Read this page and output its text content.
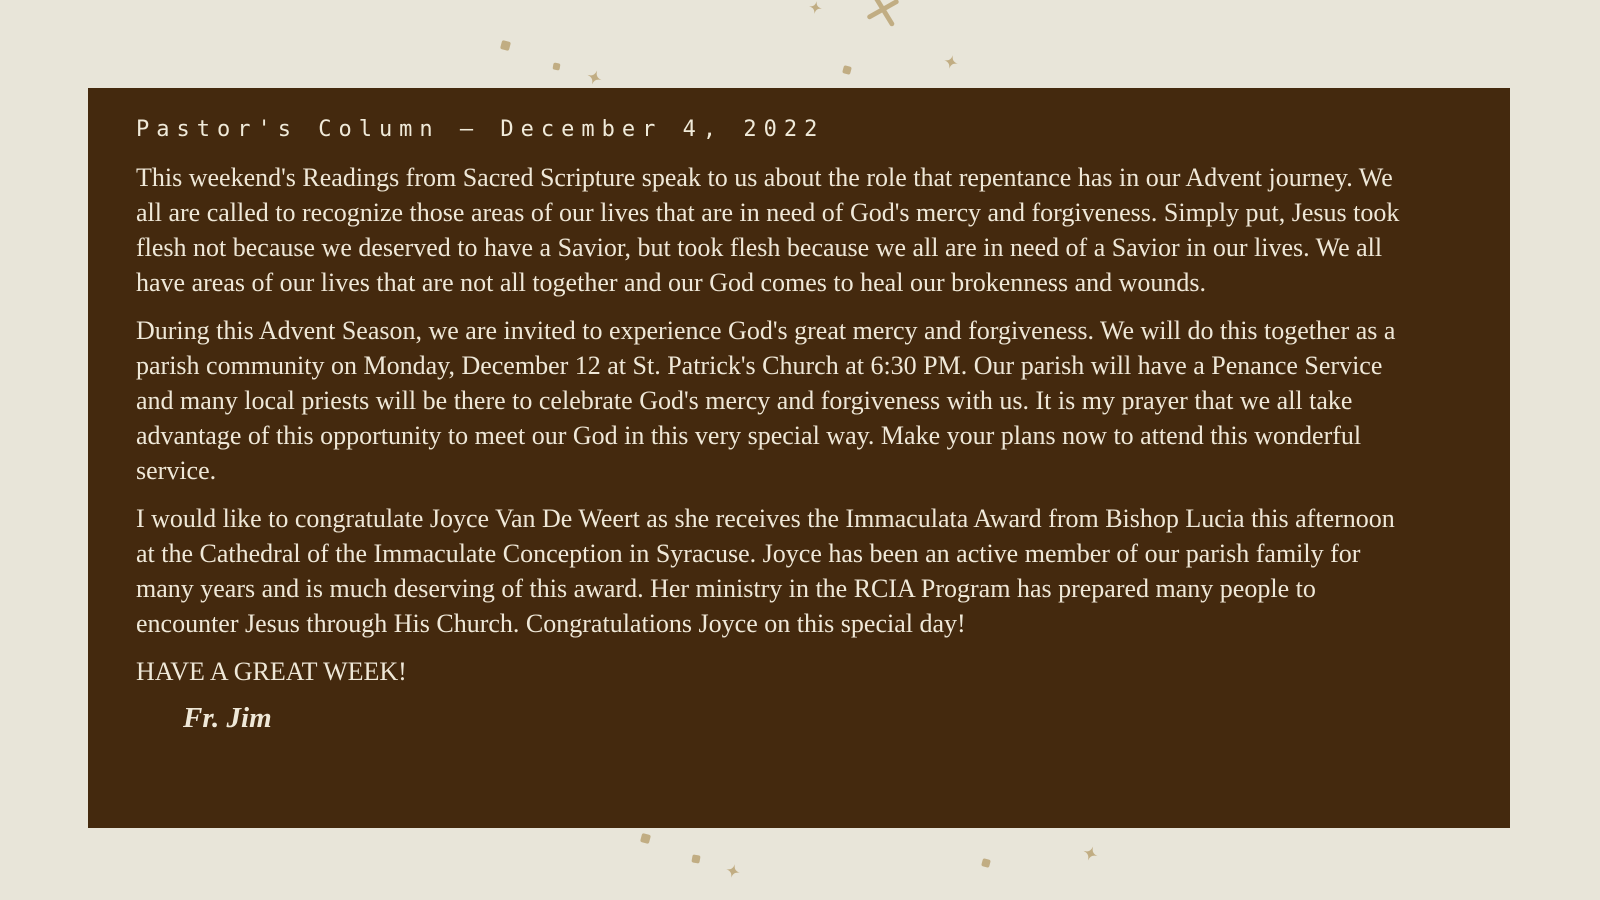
Pastor's Column — December 4, 2022

This weekend's Readings from Sacred Scripture speak to us about the role that repentance has in our Advent journey. We all are called to recognize those areas of our lives that are in need of God's mercy and forgiveness. Simply put, Jesus took flesh not because we deserved to have a Savior, but took flesh because we all are in need of a Savior in our lives. We all have areas of our lives that are not all together and our God comes to heal our brokenness and wounds.

During this Advent Season, we are invited to experience God's great mercy and forgiveness. We will do this together as a parish community on Monday, December 12 at St. Patrick's Church at 6:30 PM. Our parish will have a Penance Service and many local priests will be there to celebrate God's mercy and forgiveness with us. It is my prayer that we all take advantage of this opportunity to meet our God in this very special way. Make your plans now to attend this wonderful service.

I would like to congratulate Joyce Van De Weert as she receives the Immaculata Award from Bishop Lucia this afternoon at the Cathedral of the Immaculate Conception in Syracuse. Joyce has been an active member of our parish family for many years and is much deserving of this award. Her ministry in the RCIA Program has prepared many people to encounter Jesus through His Church. Congratulations Joyce on this special day!

HAVE A GREAT WEEK!

Fr. Jim
